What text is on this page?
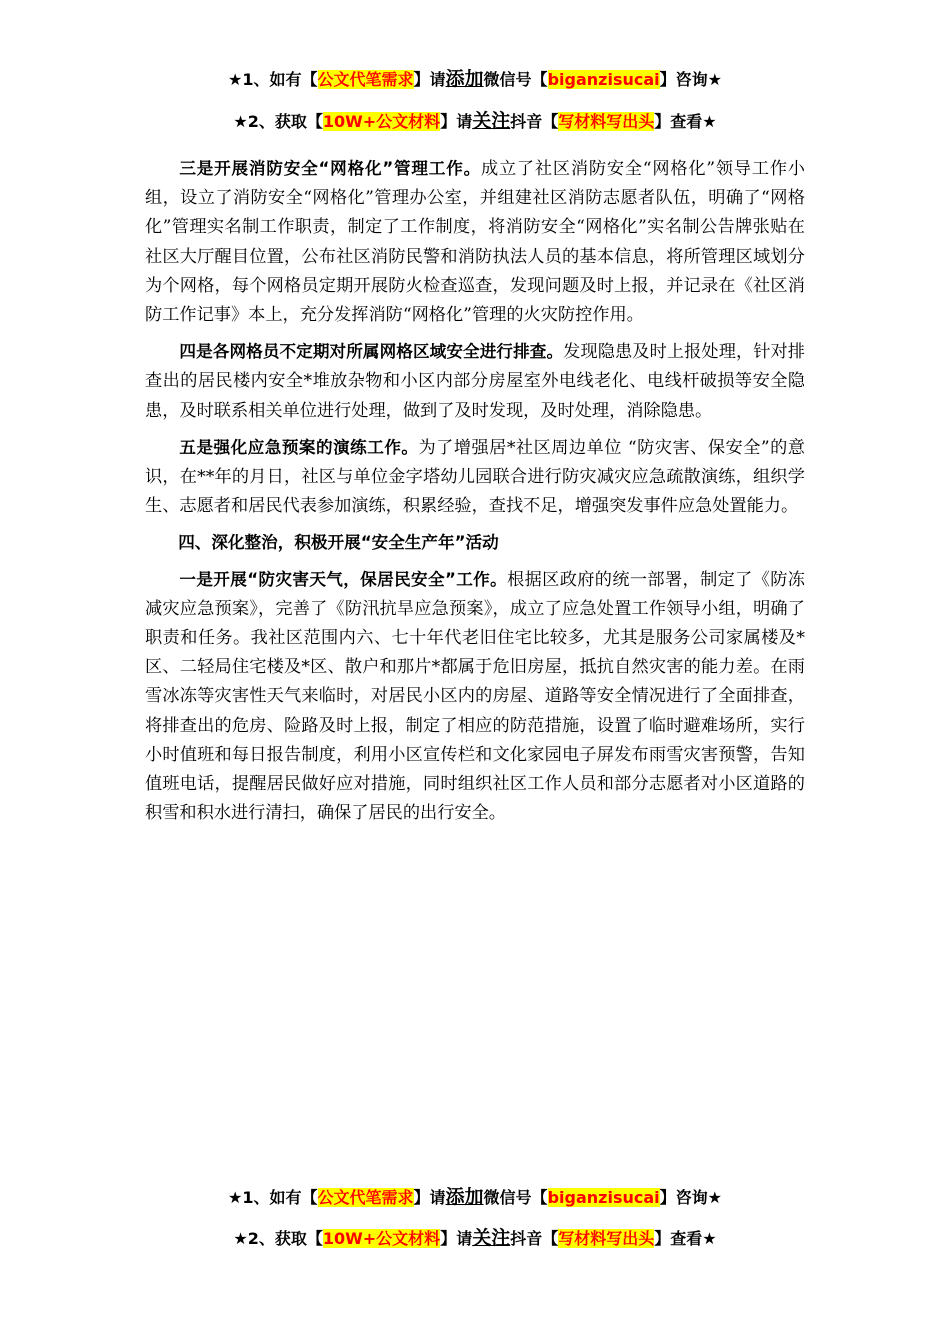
★1、如有【公文代笔需求】请添加微信号【biganzisucai】咨询★
★2、获取【10W+公文材料】请关注抖音【写材料写出头】查看★

三是开展消防安全“网格化”管理工作。成立了社区消防安全“网格化”领导工作小组，设立了消防安全“网格化”管理办公室，并组建社区消防志愿者队伍，明确了“网格化”管理实名制工作职责，制定了工作制度，将消防安全“网格化”实名制公告牌张贴在社区大厅醒目位置，公布社区消防民警和消防执法人员的基本信息，将所管理区域划分为个网格，每个网格员定期开展防火检查巡查，发现问题及时上报，并记录在《社区消防工作记事》本上，充分发挥消防“网格化”管理的火灾防控作用。

四是各网格员不定期对所属网格区域安全进行排查。发现隐患及时上报处理，针对排查出的居民楼内安全*堆放杂物和小区内部分房屋室外电线老化、电线杆破损等安全隐患，及时联系相关单位进行处理，做到了及时发现，及时处理，消除隐患。

五是强化应急预案的演练工作。为了增强居*社区周边单位 “防灾害、保安全”的意识，在**年的月日，社区与单位金字塔幼儿园联合进行防灾减灾应急疏散演练，组织学生、志愿者和居民代表参加演练，积累经验，查找不足，增强突发事件应急处置能力。

四、深化整治，积极开展“安全生产年”活动

一是开展“防灾害天气，保居民安全”工作。根据区政府的统一部署，制定了《防冻减灾应急预案》，完善了《防汛抗旱应急预案》，成立了应急处置工作领导小组，明确了职责和任务。我社区范围内六、七十年代老旧住宅比较多，尤其是服务公司家属楼及*区、二轻局住宅楼及*区、散户和那片*都属于危旧房屋，抵抗自然灾害的能力差。在雨雪冰冻等灾害性天气来临时，对居民小区内的房屋、道路等安全情况进行了全面排查，将排查出的危房、险路及时上报，制定了相应的防范措施，设置了临时避难场所，实行小时值班和每日报告制度，利用小区宣传栏和文化家园电子屏发布雨雪灾害预警，告知值班电话，提醒居民做好应对措施，同时组织社区工作人员和部分志愿者对小区道路的积雪和积水进行清扫，确保了居民的出行安全。

★1、如有【公文代笔需求】请添加微信号【biganzisucai】咨询★
★2、获取【10W+公文材料】请关注抖音【写材料写出头】查看★
